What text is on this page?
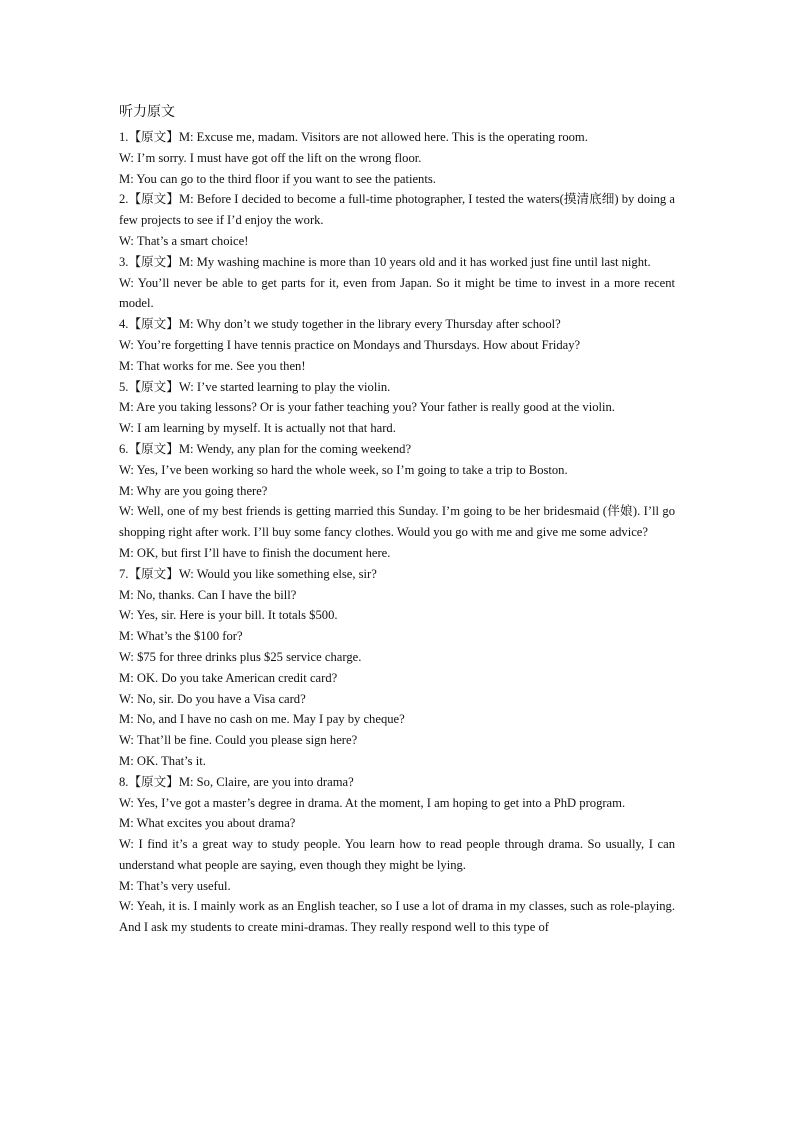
听力原文

1.【原文】M: Excuse me, madam. Visitors are not allowed here. This is the operating room.

W: I’m sorry. I must have got off the lift on the wrong floor.

M: You can go to the third floor if you want to see the patients.

2.【原文】M: Before I decided to become a full-time photographer, I tested the waters(摸清底细) by doing a few projects to see if I’d enjoy the work.

W: That’s a smart choice!

3.【原文】M: My washing machine is more than 10 years old and it has worked just fine until last night.

W: You’ll never be able to get parts for it, even from Japan. So it might be time to invest in a more recent model.

4.【原文】M: Why don’t we study together in the library every Thursday after school?

W: You’re forgetting I have tennis practice on Mondays and Thursdays. How about Friday?

M: That works for me. See you then!

5.【原文】W: I’ve started learning to play the violin.

M: Are you taking lessons? Or is your father teaching you? Your father is really good at the violin.

W: I am learning by myself. It is actually not that hard.

6.【原文】M: Wendy, any plan for the coming weekend?

W: Yes, I’ve been working so hard the whole week, so I’m going to take a trip to Boston.

M: Why are you going there?

W: Well, one of my best friends is getting married this Sunday. I’m going to be her bridesmaid (伴娘). I’ll go shopping right after work. I’ll buy some fancy clothes. Would you go with me and give me some advice?

M: OK, but first I’ll have to finish the document here.

7.【原文】W: Would you like something else, sir?

M: No, thanks. Can I have the bill?

W: Yes, sir. Here is your bill. It totals $500.

M: What’s the $100 for?

W: $75 for three drinks plus $25 service charge.

M: OK. Do you take American credit card?

W: No, sir. Do you have a Visa card?

M: No, and I have no cash on me. May I pay by cheque?

W: That’ll be fine. Could you please sign here?

M: OK. That’s it.

8.【原文】M: So, Claire, are you into drama?

W: Yes, I’ve got a master’s degree in drama. At the moment, I am hoping to get into a PhD program.

M: What excites you about drama?

W: I find it’s a great way to study people. You learn how to read people through drama. So usually, I can understand what people are saying, even though they might be lying.

M: That’s very useful.

W: Yeah, it is. I mainly work as an English teacher, so I use a lot of drama in my classes, such as role-playing. And I ask my students to create mini-dramas. They really respond well to this type of
